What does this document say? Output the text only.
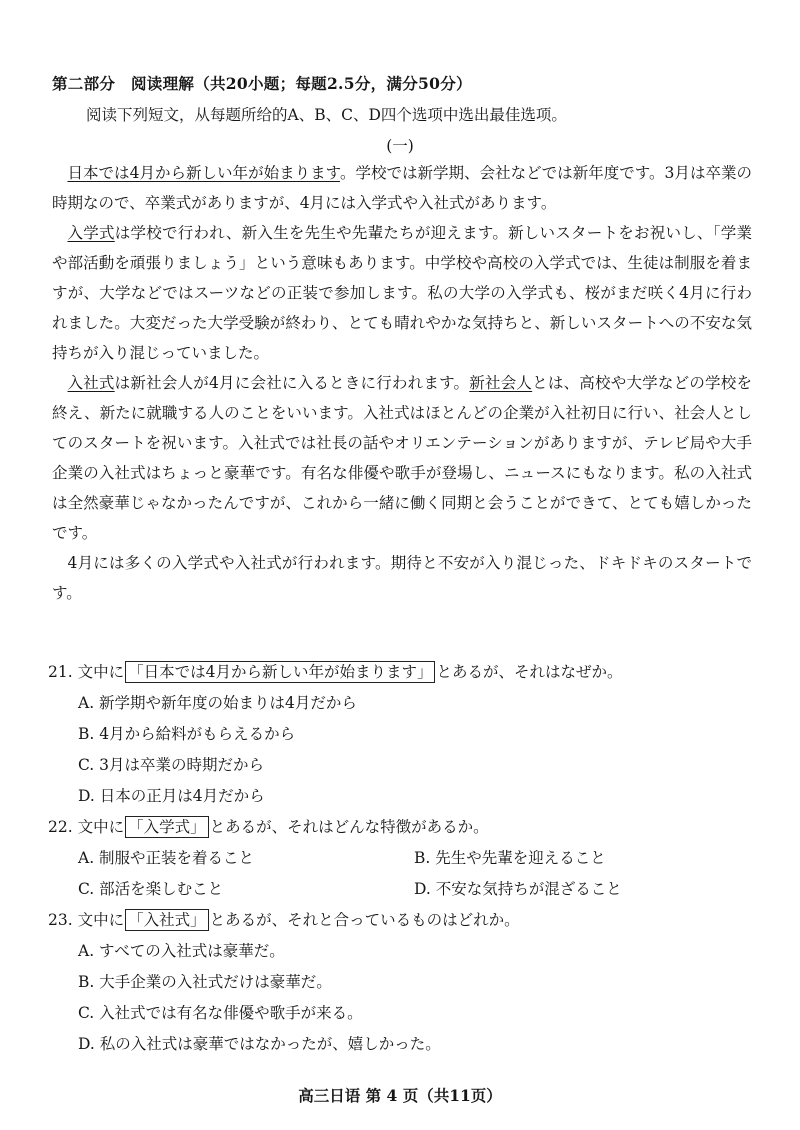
第二部分　阅读理解（共20小题；每题2.5分，满分50分）
阅读下列短文，从每题所给的A、B、C、D四个选项中选出最佳选项。
(一)

日本では4月から新しい年が始まります。学校では新学期、会社などでは新年度です。3月は卒業の時期なので、卒業式がありますが、4月には入学式や入社式があります。

入学式は学校で行われ、新入生を先生や先輩たちが迎えます。新しいスタートをお祝いし、「学業や部活動を頑張りましょう」という意味もあります。中学校や高校の入学式では、生徒は制服を着ますが、大学などではスーツなどの正装で参加します。私の大学の入学式も、桜がまだ咲く4月に行われました。大変だった大学受験が終わり、とても晴れやかな気持ちと、新しいスタートへの不安な気持ちが入り混じっていました。

入社式は新社会人が4月に会社に入るときに行われます。新社会人とは、高校や大学などの学校を終え、新たに就職する人のことをいいます。入社式はほとんどの企業が入社初日に行い、社会人としてのスタートを祝います。入社式では社長の話やオリエンテーションがありますが、テレビ局や大手企業の入社式はちょっと豪華です。有名な俳優や歌手が登場し、ニュースにもなります。私の入社式は全然豪華じゃなかったんですが、これから一緒に働く同期と会うことができて、とても嬉しかったです。

4月には多くの入学式や入社式が行われます。期待と不安が入り混じった、ドキドキのスタートです。

21. 文中に 「日本では4月から新しい年が始まります」 とあるが、それはなぜか。
A. 新学期や新年度の始まりは4月だから
B. 4月から給料がもらえるから
C. 3月は卒業の時期だから
D. 日本の正月は4月だから
22. 文中に 「入学式」 とあるが、それはどんな特徴があるか。
A. 制服や正装を着ること	B. 先生や先輩を迎えること
C. 部活を楽しむこと	D. 不安な気持ちが混ざること
23. 文中に 「入社式」 とあるが、それと合っているものはどれか。
A. すべての入社式は豪華だ。
B. 大手企業の入社式だけは豪華だ。
C. 入社式では有名な俳優や歌手が来る。
D. 私の入社式は豪華ではなかったが、嬉しかった。
高三日语 第 4 页（共11页）
